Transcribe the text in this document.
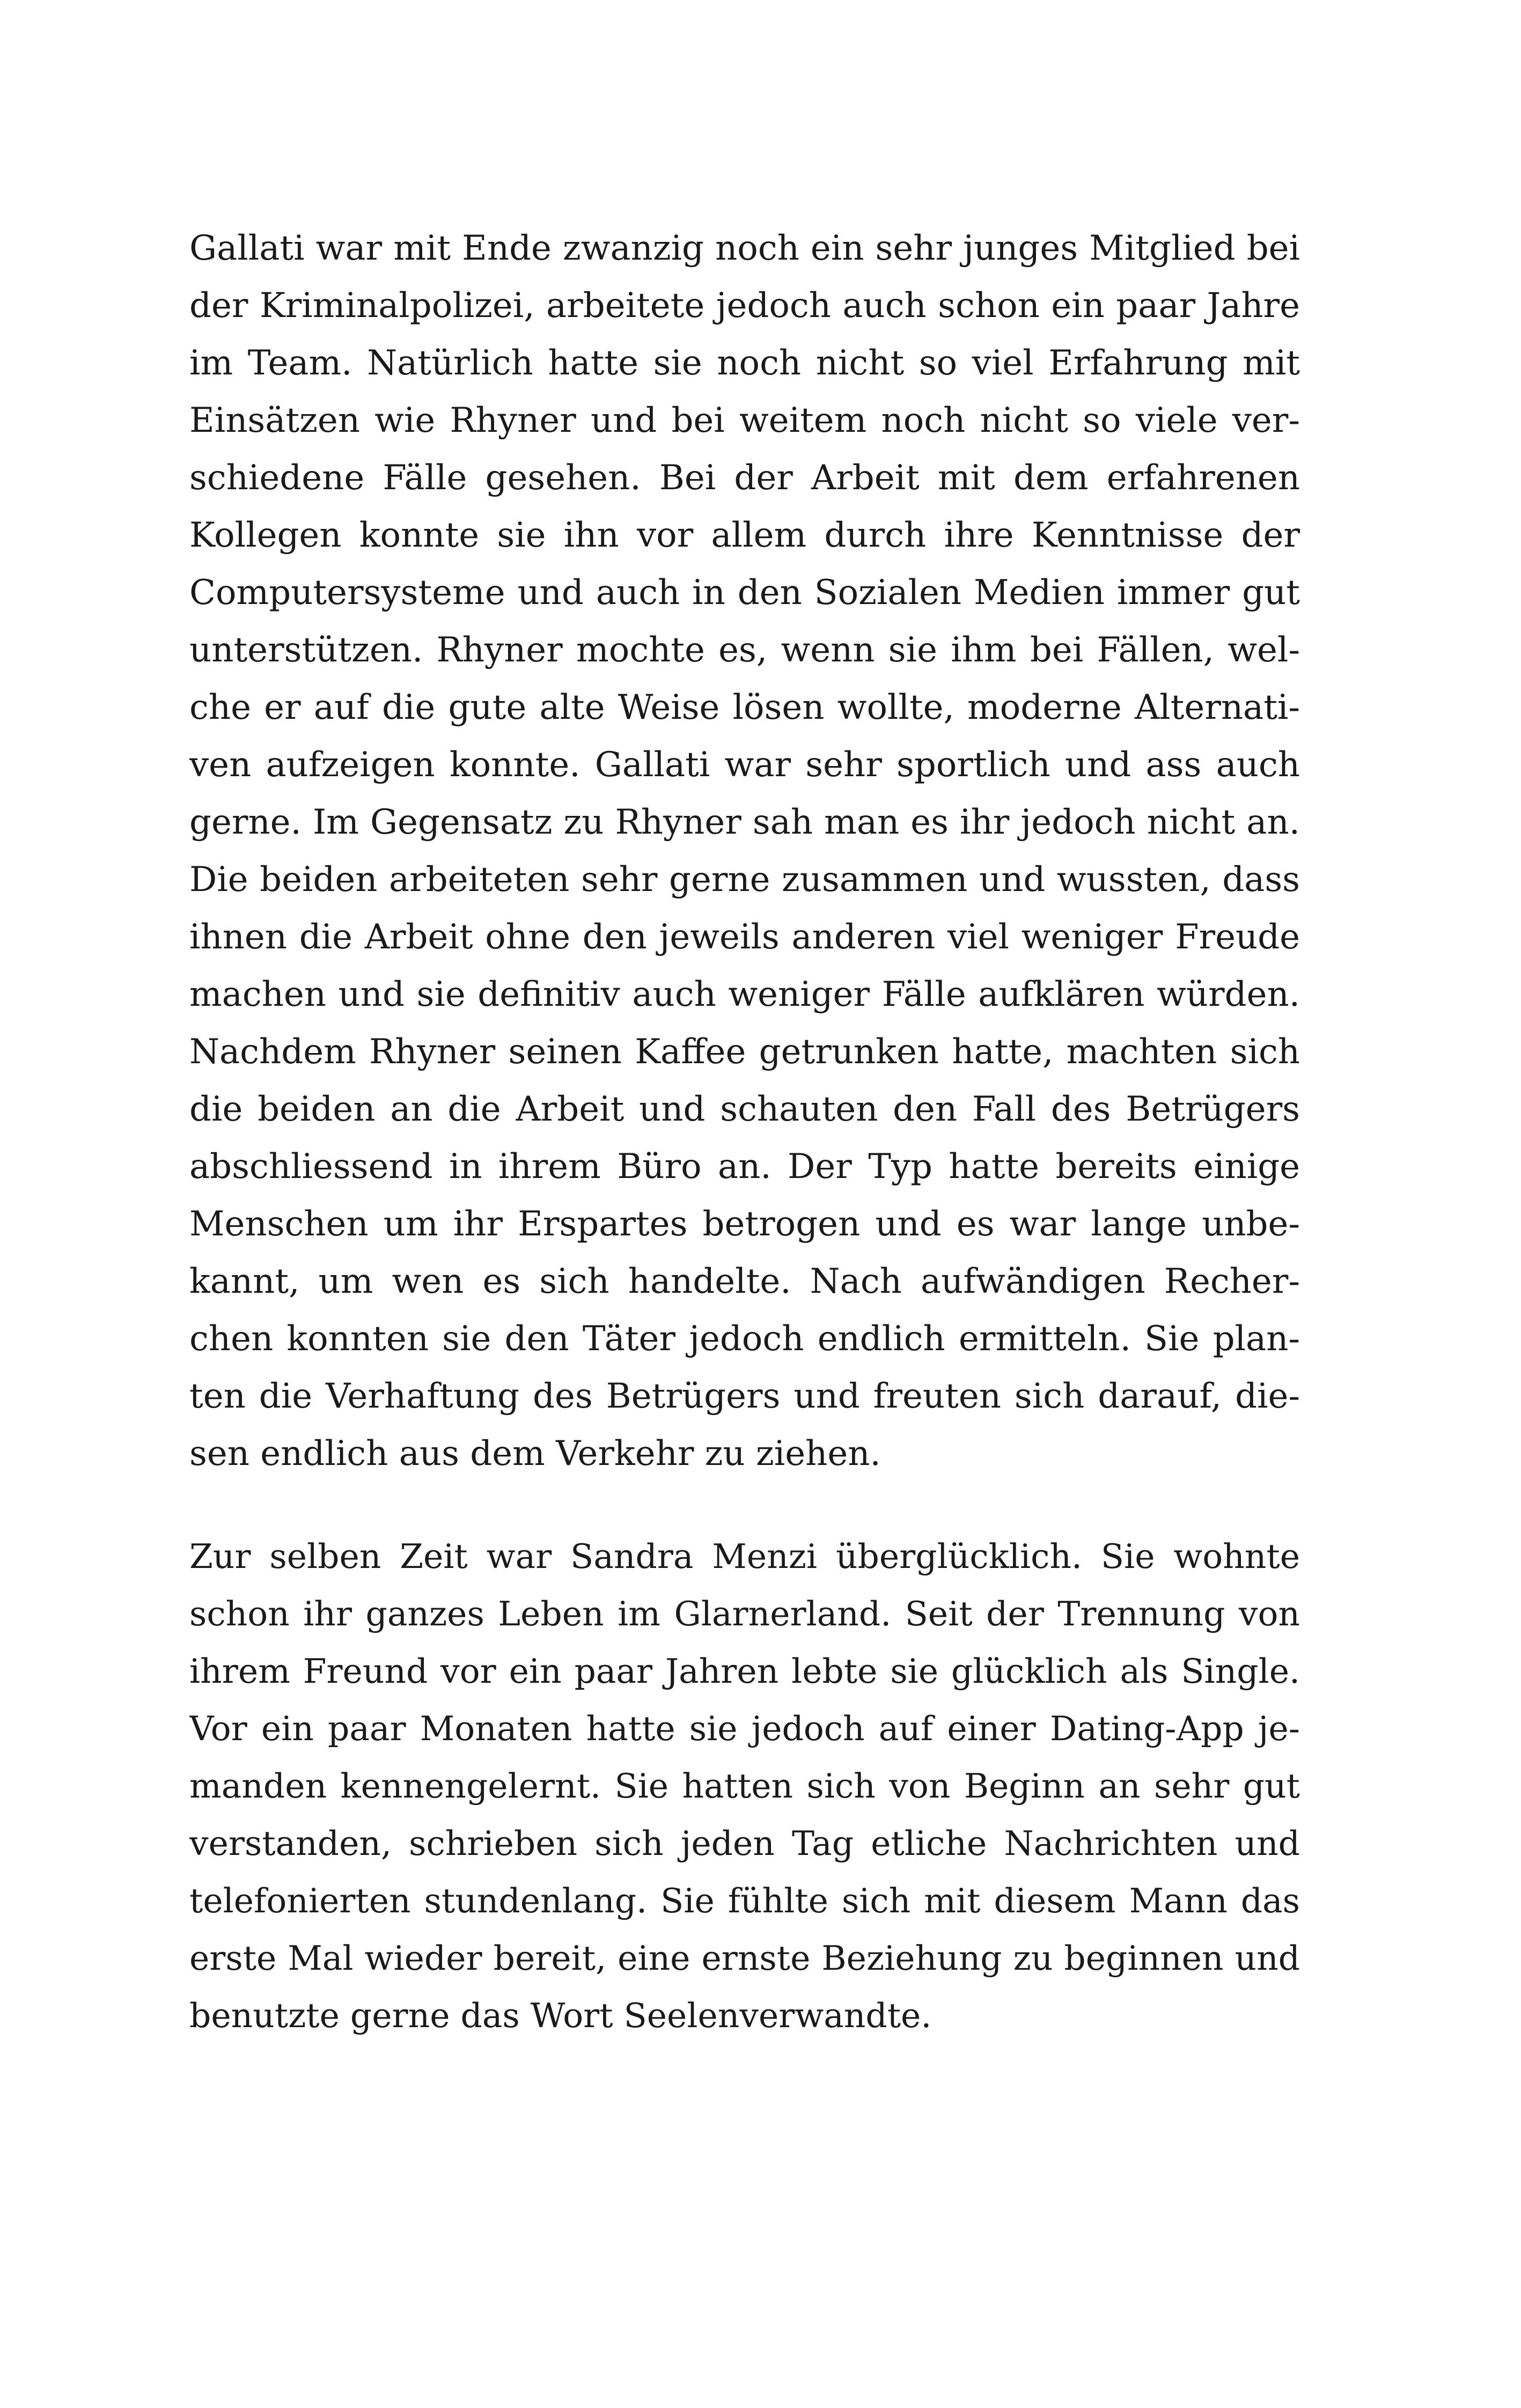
Gallati war mit Ende zwanzig noch ein sehr junges Mitglied bei
der Kriminalpolizei, arbeitete jedoch auch schon ein paar Jahre
im Team. Natürlich hatte sie noch nicht so viel Erfahrung mit
Einsätzen wie Rhyner und bei weitem noch nicht so viele ver-
schiedene Fälle gesehen. Bei der Arbeit mit dem erfahrenen
Kollegen konnte sie ihn vor allem durch ihre Kenntnisse der
Computersysteme und auch in den Sozialen Medien immer gut
unterstützen. Rhyner mochte es, wenn sie ihm bei Fällen, wel-
che er auf die gute alte Weise lösen wollte, moderne Alternati-
ven aufzeigen konnte. Gallati war sehr sportlich und ass auch
gerne. Im Gegensatz zu Rhyner sah man es ihr jedoch nicht an.
Die beiden arbeiteten sehr gerne zusammen und wussten, dass
ihnen die Arbeit ohne den jeweils anderen viel weniger Freude
machen und sie definitiv auch weniger Fälle aufklären würden.
Nachdem Rhyner seinen Kaffee getrunken hatte, machten sich
die beiden an die Arbeit und schauten den Fall des Betrügers
abschliessend in ihrem Büro an. Der Typ hatte bereits einige
Menschen um ihr Erspartes betrogen und es war lange unbe-
kannt, um wen es sich handelte. Nach aufwändigen Recher-
chen konnten sie den Täter jedoch endlich ermitteln. Sie plan-
ten die Verhaftung des Betrügers und freuten sich darauf, die-
sen endlich aus dem Verkehr zu ziehen.
Zur selben Zeit war Sandra Menzi überglücklich. Sie wohnte
schon ihr ganzes Leben im Glarnerland. Seit der Trennung von
ihrem Freund vor ein paar Jahren lebte sie glücklich als Single.
Vor ein paar Monaten hatte sie jedoch auf einer Dating-App je-
manden kennengelernt. Sie hatten sich von Beginn an sehr gut
verstanden, schrieben sich jeden Tag etliche Nachrichten und
telefonierten stundenlang. Sie fühlte sich mit diesem Mann das
erste Mal wieder bereit, eine ernste Beziehung zu beginnen und
benutzte gerne das Wort Seelenverwandte.
